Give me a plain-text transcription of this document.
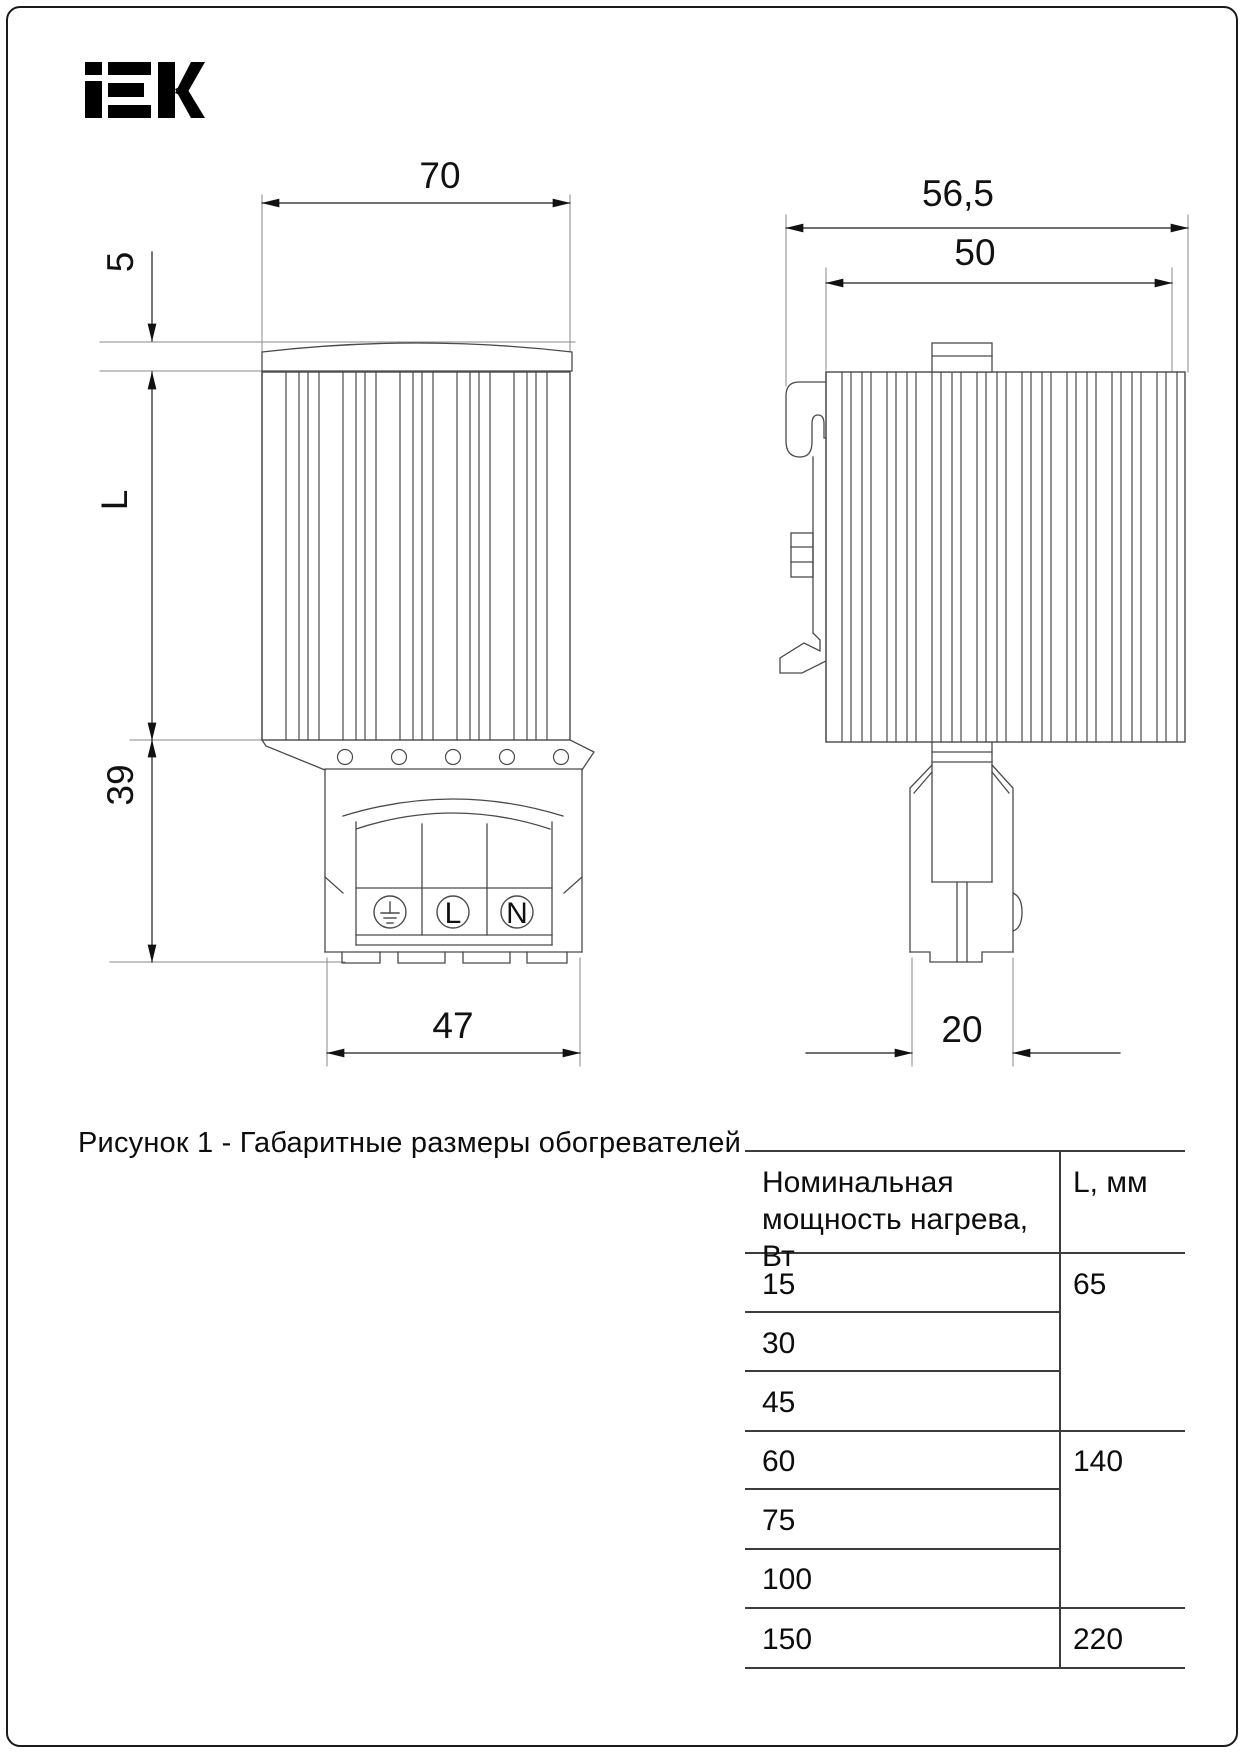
L N
70
5
L
39
47
56,5
50
20
Рисунок 1 - Габаритные размеры обогревателей
Номинальная мощность нагрева, Вт
L, мм
15
30
45
60
75
100
150
65
140
220
